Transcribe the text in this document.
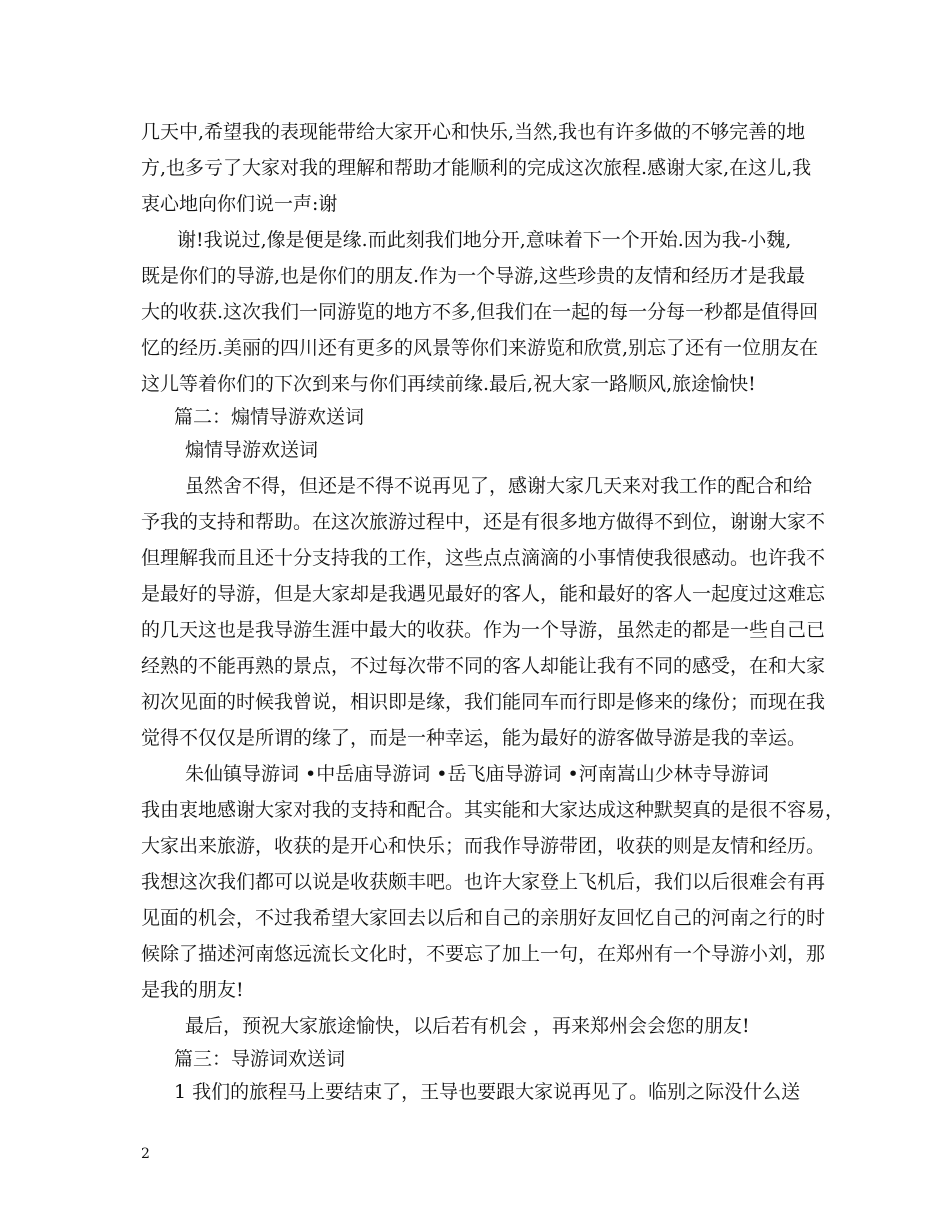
几天中,希望我的表现能带给大家开心和快乐,当然,我也有许多做的不够完善的地
方,也多亏了大家对我的理解和帮助才能顺利的完成这次旅程.感谢大家,在这儿,我
衷心地向你们说一声:谢
谢!我说过,像是便是缘.而此刻我们地分开,意味着下一个开始.因为我-小魏,
既是你们的导游,也是你们的朋友.作为一个导游,这些珍贵的友情和经历才是我最
大的收获.这次我们一同游览的地方不多,但我们在一起的每一分每一秒都是值得回
忆的经历.美丽的四川还有更多的风景等你们来游览和欣赏,别忘了还有一位朋友在
这儿等着你们的下次到来与你们再续前缘.最后,祝大家一路顺风,旅途愉快!
篇二：煽情导游欢送词
煽情导游欢送词
虽然舍不得，但还是不得不说再见了，感谢大家几天来对我工作的配合和给
予我的支持和帮助。在这次旅游过程中，还是有很多地方做得不到位，谢谢大家不
但理解我而且还十分支持我的工作，这些点点滴滴的小事情使我很感动。也许我不
是最好的导游，但是大家却是我遇见最好的客人，能和最好的客人一起度过这难忘
的几天这也是我导游生涯中最大的收获。作为一个导游，虽然走的都是一些自己已
经熟的不能再熟的景点，不过每次带不同的客人却能让我有不同的感受，在和大家
初次见面的时候我曾说，相识即是缘，我们能同车而行即是修来的缘份；而现在我
觉得不仅仅是所谓的缘了，而是一种幸运，能为最好的游客做导游是我的幸运。
朱仙镇导游词 •中岳庙导游词 •岳飞庙导游词 •河南嵩山少林寺导游词
我由衷地感谢大家对我的支持和配合。其实能和大家达成这种默契真的是很不容易，
大家出来旅游，收获的是开心和快乐；而我作导游带团，收获的则是友情和经历。
我想这次我们都可以说是收获颇丰吧。也许大家登上飞机后，我们以后很难会有再
见面的机会，不过我希望大家回去以后和自己的亲朋好友回忆自己的河南之行的时
候除了描述河南悠远流长文化时，不要忘了加上一句，在郑州有一个导游小刘，那
是我的朋友!
最后，预祝大家旅途愉快，以后若有机会 ，再来郑州会会您的朋友!
篇三：导游词欢送词
1 我们的旅程马上要结束了，王导也要跟大家说再见了。临别之际没什么送
2
